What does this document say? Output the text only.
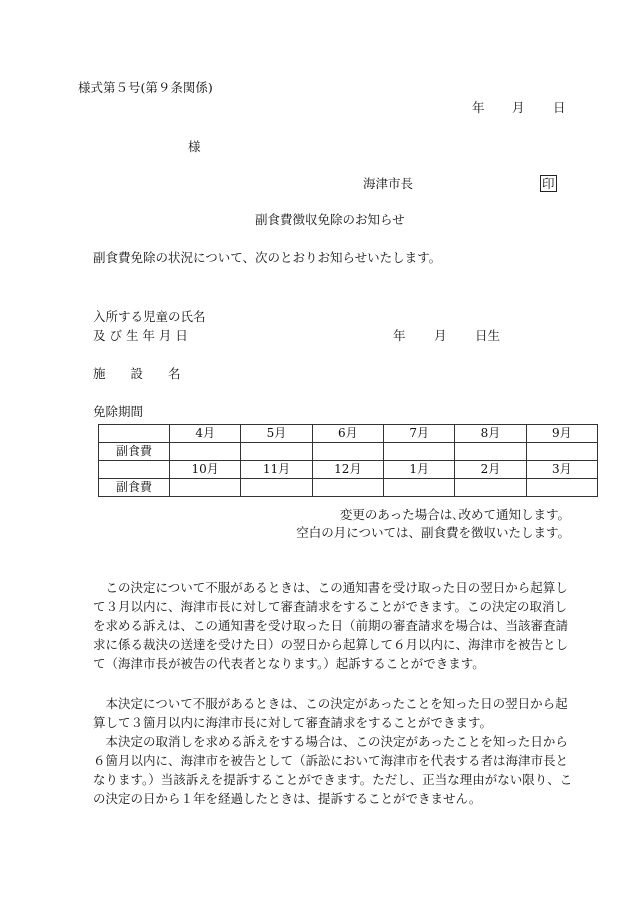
様式第５号(第９条関係)
年 月 日
様
海津市長	印
副食費徴収免除のお知らせ
副食費免除の状況について、次のとおりお知らせいたします。
入所する児童の氏名
及 び 生 年 月 日	年 月 日生
施　　設　　名
免除期間
	4月	5月	6月	7月	8月	9月
副食費						
	10月	11月	12月	1月	2月	3月
副食費						
変更のあった場合は､改めて通知します。
空白の月については、副食費を徴収いたします。
この決定について不服があるときは、この通知書を受け取った日の翌日から起算して３月以内に、海津市長に対して審査請求をすることができます。この決定の取消しを求める訴えは、この通知書を受け取った日（前期の審査請求を場合は、当該審査請求に係る裁決の送達を受けた日）の翌日から起算して６月以内に、海津市を被告として（海津市長が被告の代表者となります。）起訴することができます。
本決定について不服があるときは、この決定があったことを知った日の翌日から起算して３箇月以内に海津市長に対して審査請求をすることができます。
本決定の取消しを求める訴えをする場合は、この決定があったことを知った日から６箇月以内に、海津市を被告として（訴訟において海津市を代表する者は海津市長となります。）当該訴えを提訴することができます。ただし、正当な理由がない限り、この決定の日から１年を経過したときは、提訴することができません。
